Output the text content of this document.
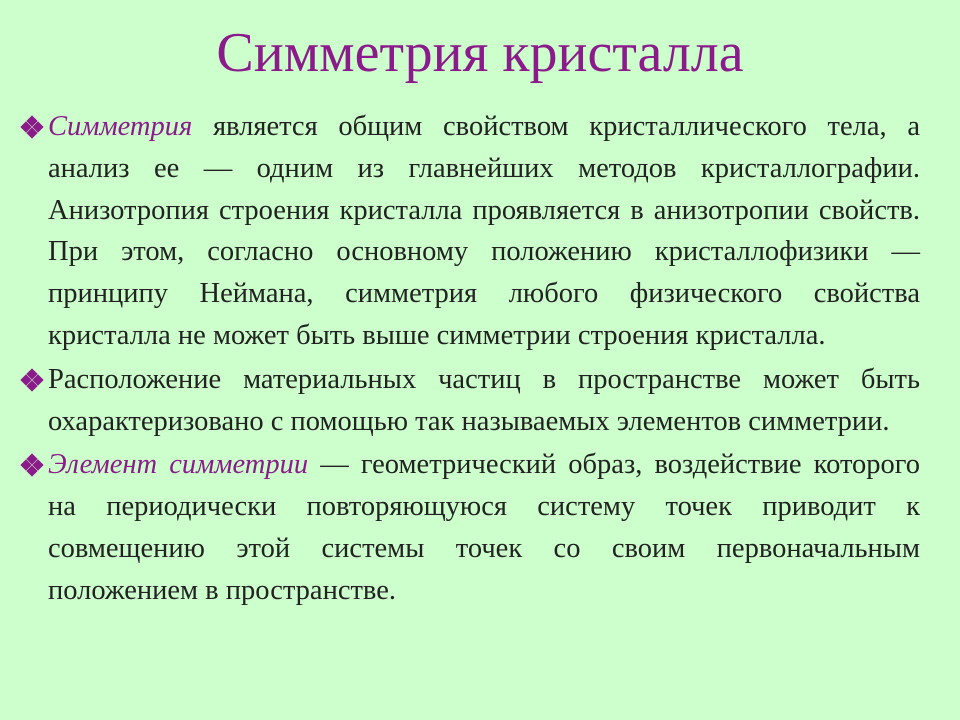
Симметрия кристалла

Симметрия является общим свойством кристаллического тела, а анализ ее — одним из главнейших методов кристаллографии. Анизотропия строения кристалла проявляется в анизотропии свойств. При этом, согласно основному положению кристаллофизики — принципу Неймана, симметрия любого физического свойства кристалла не может быть выше симметрии строения кристалла.

Расположение материальных частиц в пространстве может быть охарактеризовано с помощью так называемых элементов симметрии.

Элемент симметрии — геометрический образ, воздействие которого на периодически повторяющуюся систему точек приводит к совмещению этой системы точек со своим первоначальным положением в пространстве.
